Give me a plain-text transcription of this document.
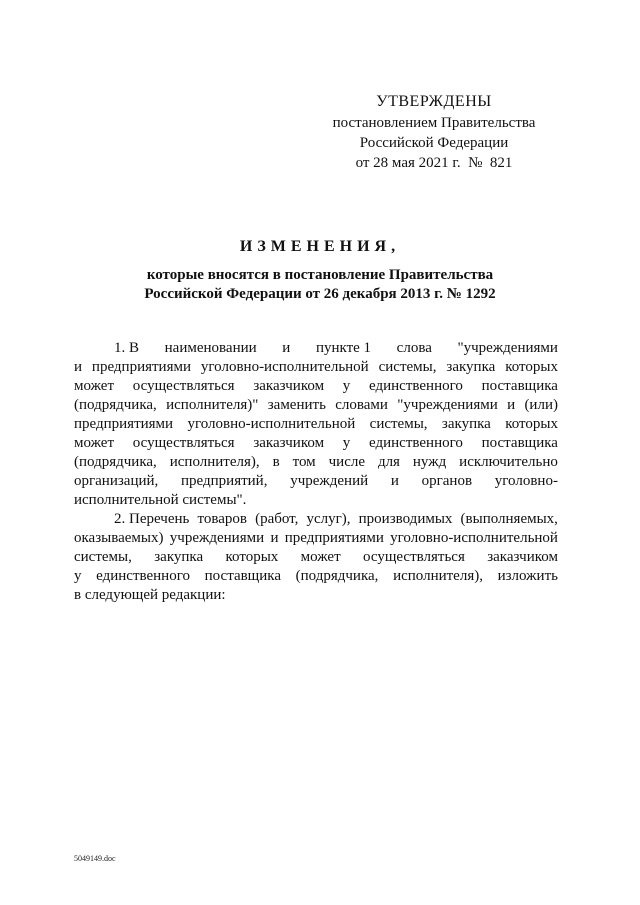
УТВЕРЖДЕНЫ
постановлением Правительства
Российской Федерации
от 28 мая 2021 г.  №  821
ИЗМЕНЕНИЯ,
которые вносятся в постановление Правительства
Российской Федерации от 26 декабря 2013 г. № 1292
1. В наименовании и пункте 1 слова "учреждениями
и предприятиями уголовно-исполнительной системы, закупка которых
может осуществляться заказчиком у единственного поставщика
(подрядчика, исполнителя)" заменить словами "учреждениями и (или)
предприятиями уголовно-исполнительной системы, закупка которых
может осуществляться заказчиком у единственного поставщика
(подрядчика, исполнителя), в том числе для нужд исключительно
организаций, предприятий, учреждений и органов уголовно-
исполнительной системы".
2. Перечень товаров (работ, услуг), производимых (выполняемых,
оказываемых) учреждениями и предприятиями уголовно-исполнительной
системы, закупка которых может осуществляться заказчиком
у единственного поставщика (подрядчика, исполнителя), изложить
в следующей редакции:
5049149.doc
